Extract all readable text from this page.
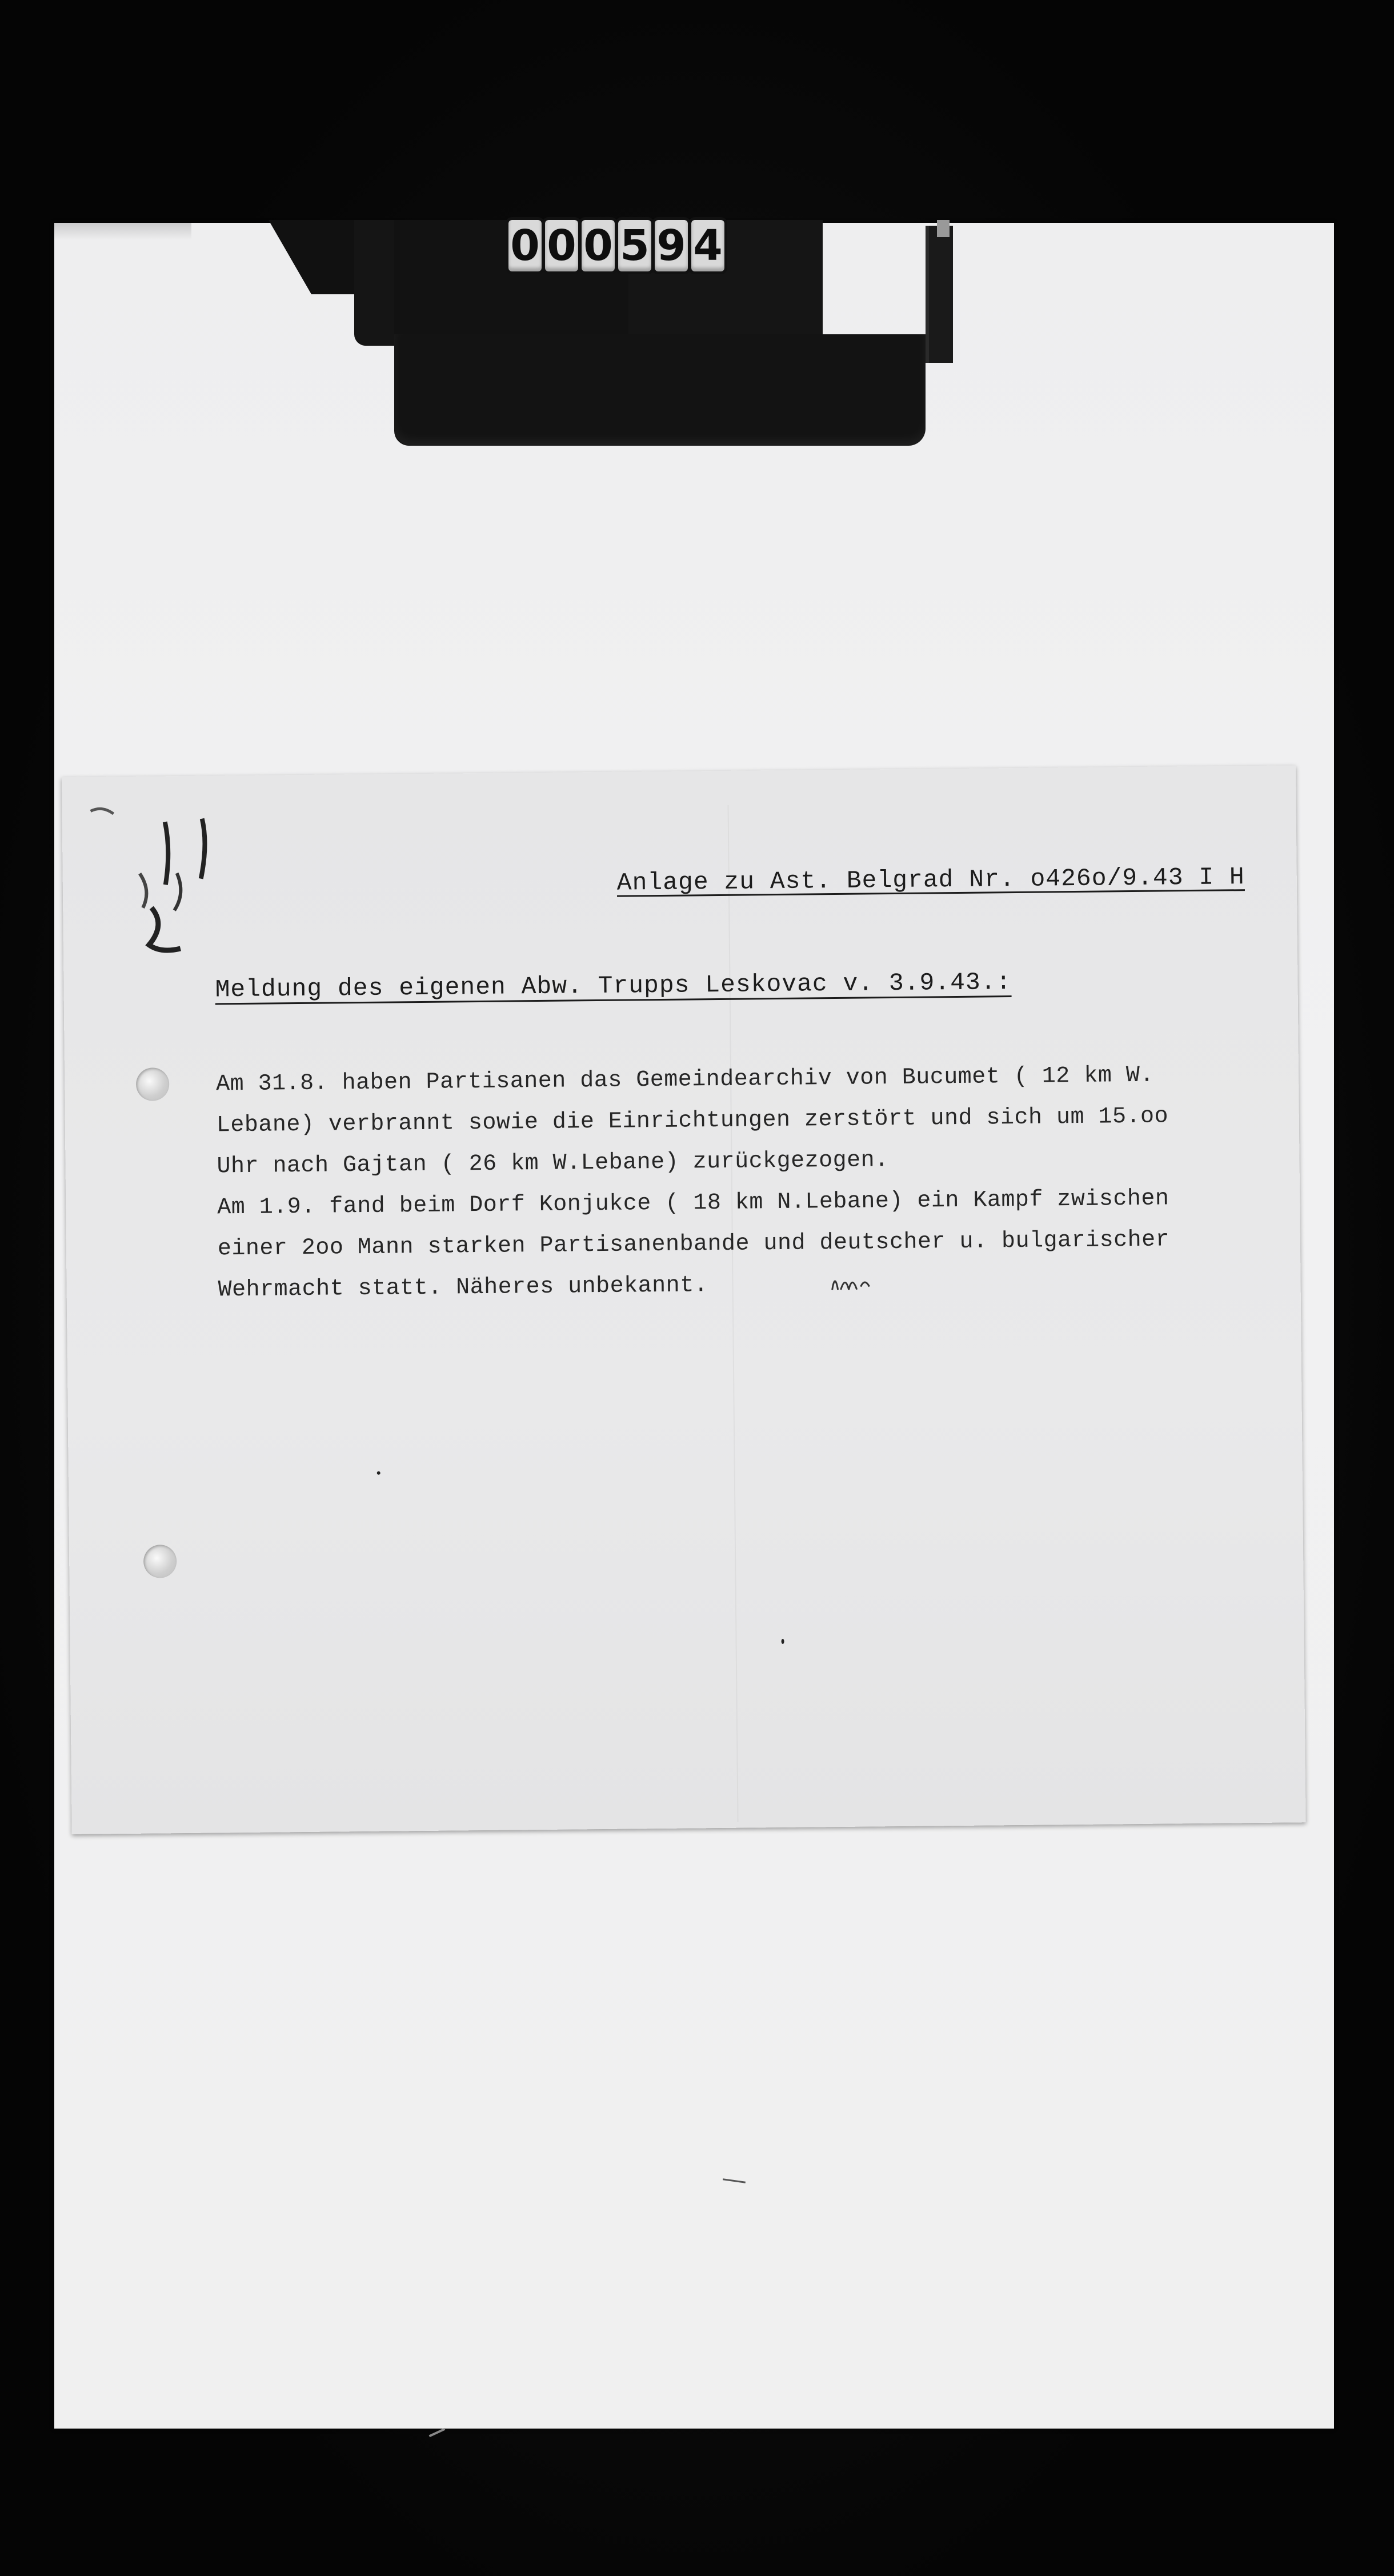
0 0 0 5 9 4
Anlage zu Ast. Belgrad Nr. o426o/9.43 I H
Meldung des eigenen Abw. Trupps Leskovac v. 3.9.43.:
Am 31.8. haben Partisanen das Gemeindearchiv von Bucumet ( 12 km W.
Lebane) verbrannt sowie die Einrichtungen zerstört und sich um 15.oo
Uhr nach Gajtan ( 26 km W.Lebane) zurückgezogen.
Am 1.9. fand beim Dorf Konjukce ( 18 km N.Lebane) ein Kampf zwischen
einer 2oo Mann starken Partisanenbande und deutscher u. bulgarischer
Wehrmacht statt. Näheres unbekannt.
